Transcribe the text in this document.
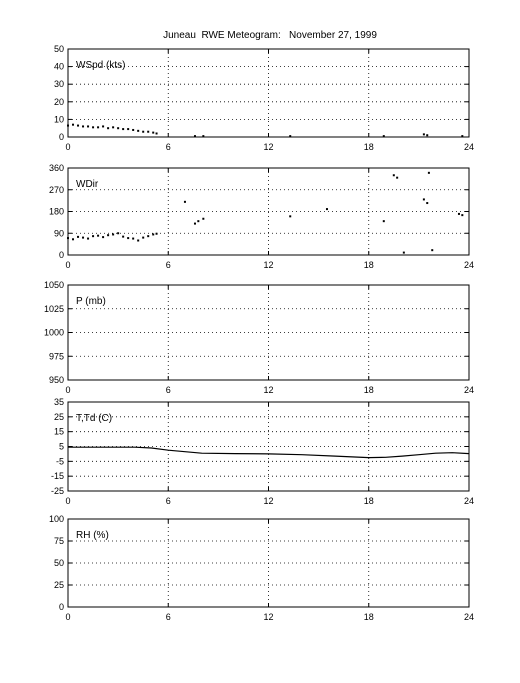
Juneau  RWE Meteogram:   November 27, 1999
0	6	12	18	24
0
10
20
30
40
50
WSpd (kts)
0	6	12	18	24
0
90
180
270
360
WDir
0	6	12	18	24
950
975
1000
1025
1050
P (mb)
0	6	12	18	24
-25
-15
-5
5
15
25
35
T,Td (C)
0	6	12	18	24
0
25
50
75
100
RH (%)
